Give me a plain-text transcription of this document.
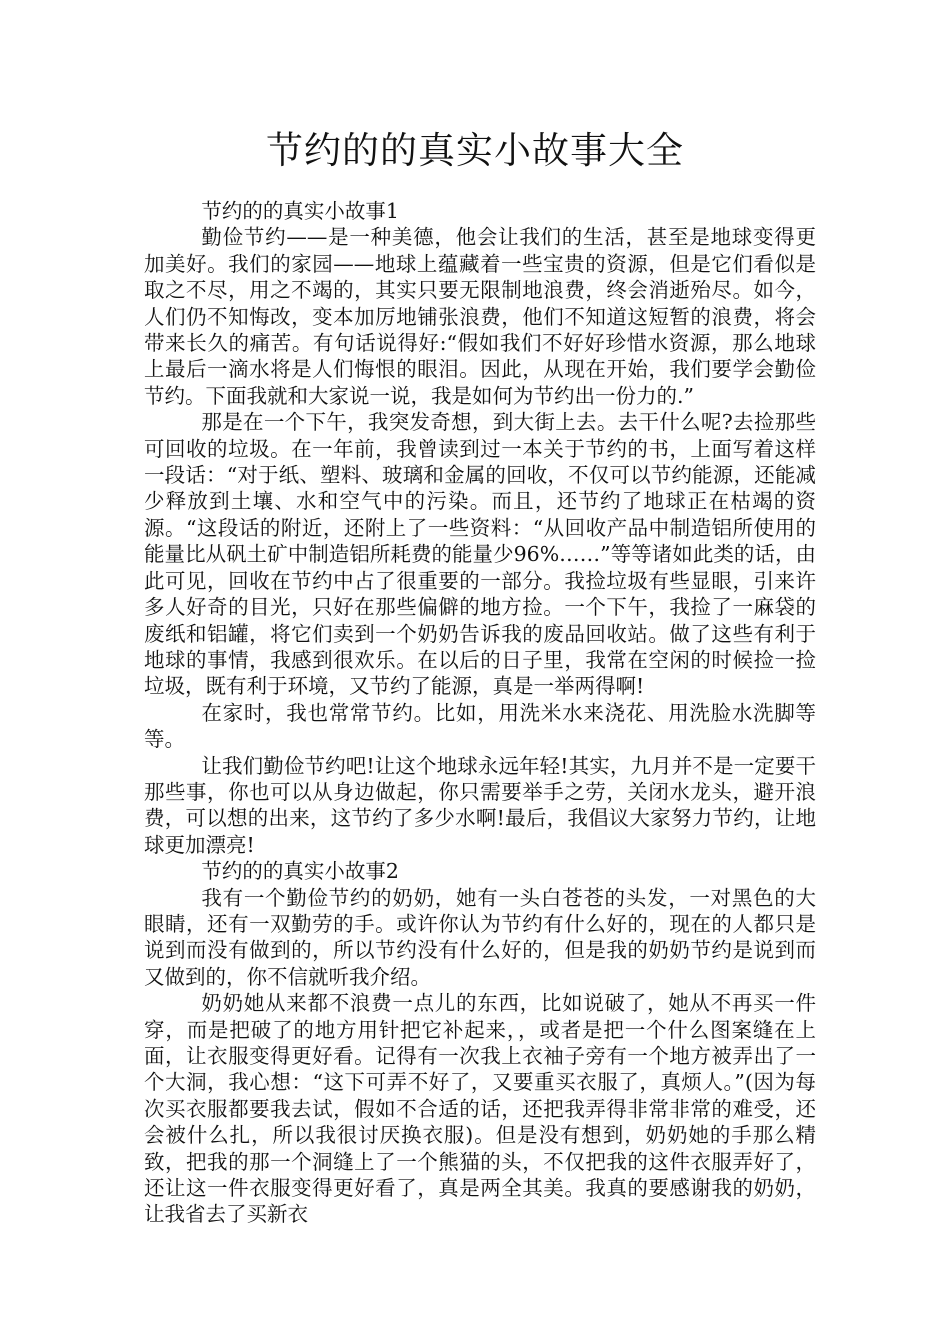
节约的的真实小故事大全

节约的的真实小故事1

勤俭节约——是一种美德，他会让我们的生活，甚至是地球变得更加美好。我们的家园——地球上蕴藏着一些宝贵的资源，但是它们看似是取之不尽，用之不竭的，其实只要无限制地浪费，终会消逝殆尽。如今，人们仍不知悔改，变本加厉地铺张浪费，他们不知道这短暂的浪费，将会带来长久的痛苦。有句话说得好:“假如我们不好好珍惜水资源，那么地球上最后一滴水将是人们悔恨的眼泪。因此，从现在开始，我们要学会勤俭节约。下面我就和大家说一说，我是如何为节约出一份力的.”

那是在一个下午，我突发奇想，到大街上去。去干什么呢?去捡那些可回收的垃圾。在一年前，我曾读到过一本关于节约的书，上面写着这样一段话：“对于纸、塑料、玻璃和金属的回收，不仅可以节约能源，还能减少释放到土壤、水和空气中的污染。而且，还节约了地球正在枯竭的资源。“这段话的附近，还附上了一些资料：“从回收产品中制造铝所使用的能量比从矾土矿中制造铝所耗费的能量少96%……”等等诸如此类的话，由此可见，回收在节约中占了很重要的一部分。我捡垃圾有些显眼，引来许多人好奇的目光，只好在那些偏僻的地方捡。一个下午，我捡了一麻袋的废纸和铝罐，将它们卖到一个奶奶告诉我的废品回收站。做了这些有利于地球的事情，我感到很欢乐。在以后的日子里，我常在空闲的时候捡一捡垃圾，既有利于环境，又节约了能源，真是一举两得啊!

在家时，我也常常节约。比如，用洗米水来浇花、用洗脸水洗脚等等。

让我们勤俭节约吧!让这个地球永远年轻!其实，九月并不是一定要干那些事，你也可以从身边做起，你只需要举手之劳，关闭水龙头，避开浪费，可以想的出来，这节约了多少水啊!最后，我倡议大家努力节约，让地球更加漂亮!

节约的的真实小故事2

我有一个勤俭节约的奶奶，她有一头白苍苍的头发，一对黑色的大眼睛，还有一双勤劳的手。或许你认为节约有什么好的，现在的人都只是说到而没有做到的，所以节约没有什么好的，但是我的奶奶节约是说到而又做到的，你不信就听我介绍。

奶奶她从来都不浪费一点儿的东西，比如说破了，她从不再买一件穿，而是把破了的地方用针把它补起来，，或者是把一个什么图案缝在上面，让衣服变得更好看。记得有一次我上衣袖子旁有一个地方被弄出了一个大洞，我心想：“这下可弄不好了，又要重买衣服了，真烦人。”(因为每次买衣服都要我去试，假如不合适的话，还把我弄得非常非常的难受，还会被什么扎，所以我很讨厌换衣服)。但是没有想到，奶奶她的手那么精致，把我的那一个洞缝上了一个熊猫的头，不仅把我的这件衣服弄好了，还让这一件衣服变得更好看了，真是两全其美。我真的要感谢我的奶奶，让我省去了买新衣
